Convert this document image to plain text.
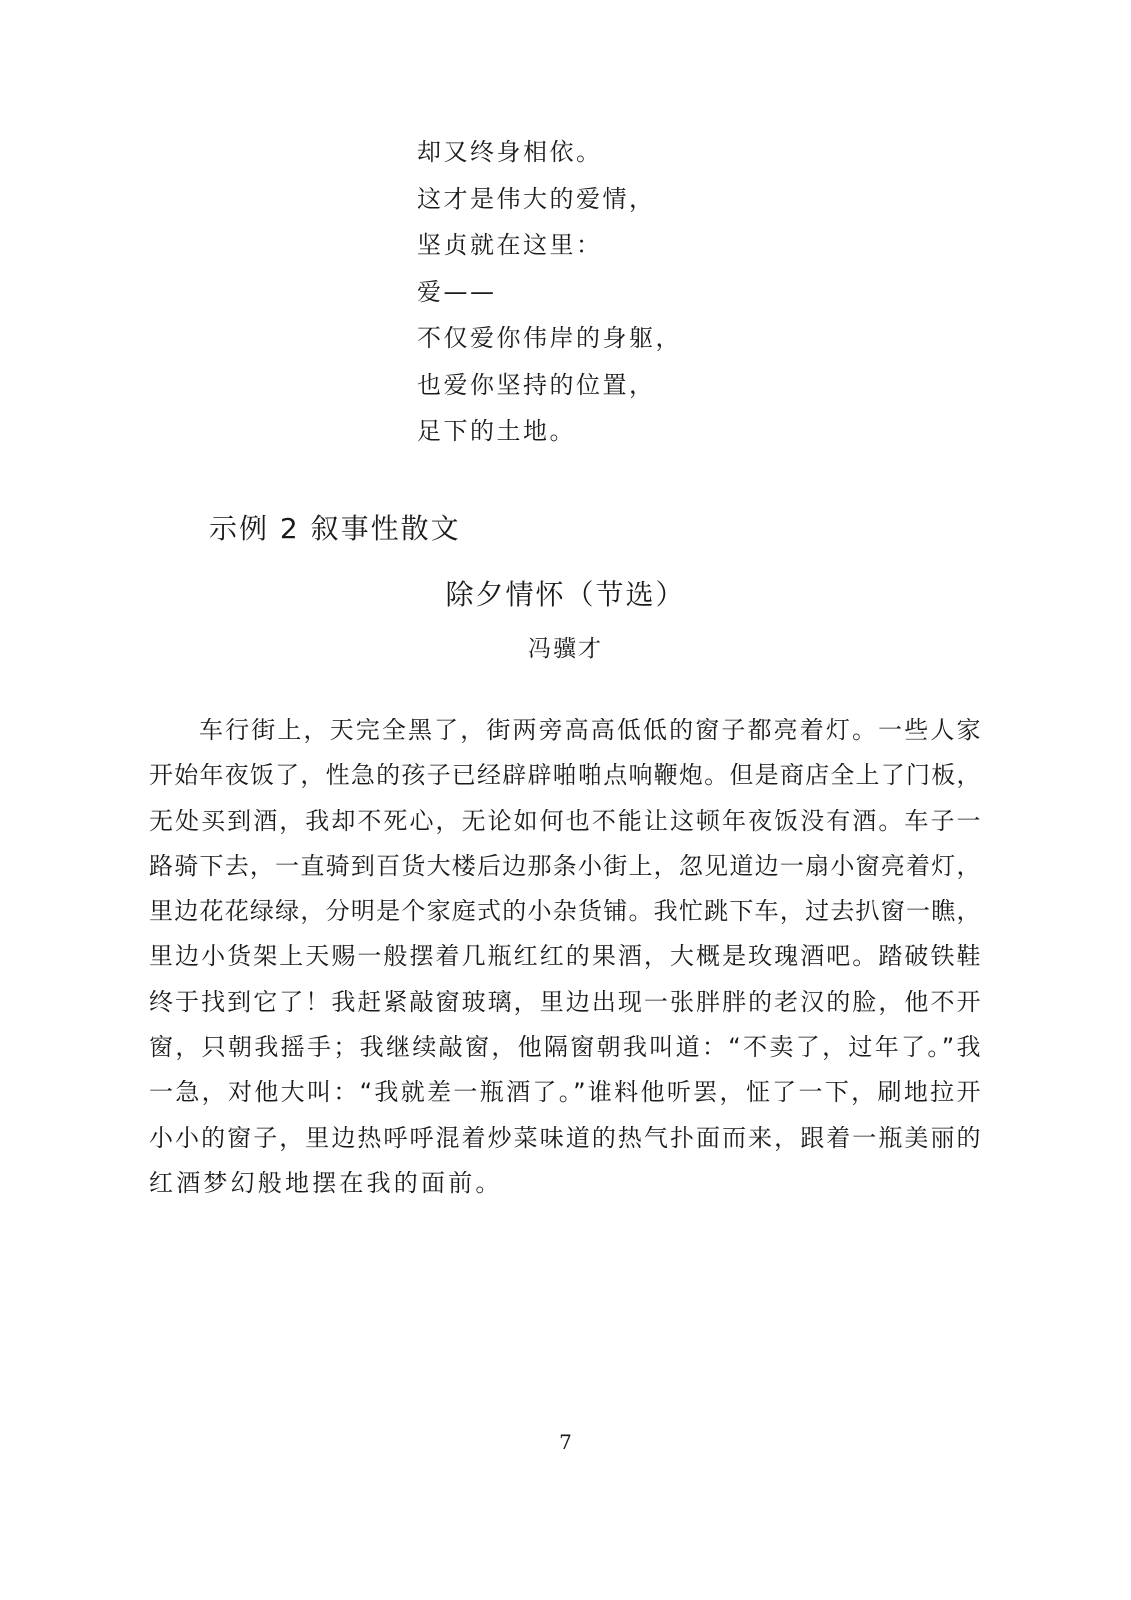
却又终身相依。
这才是伟大的爱情，
坚贞就在这里：
爱——
不仅爱你伟岸的身躯，
也爱你坚持的位置，
足下的土地。
示例 2 叙事性散文
除夕情怀（节选）

冯骥才

车行街上，天完全黑了，街两旁高高低低的窗子都亮着灯。一些人家
开始年夜饭了，性急的孩子已经辟辟啪啪点响鞭炮。但是商店全上了门板，
无处买到酒，我却不死心，无论如何也不能让这顿年夜饭没有酒。车子一
路骑下去，一直骑到百货大楼后边那条小街上，忽见道边一扇小窗亮着灯，
里边花花绿绿，分明是个家庭式的小杂货铺。我忙跳下车，过去扒窗一瞧，
里边小货架上天赐一般摆着几瓶红红的果酒，大概是玫瑰酒吧。踏破铁鞋
终于找到它了！我赶紧敲窗玻璃，里边出现一张胖胖的老汉的脸，他不开
窗，只朝我摇手；我继续敲窗，他隔窗朝我叫道：“不卖了，过年了。”我
一急，对他大叫：“我就差一瓶酒了。”谁料他听罢，怔了一下，刷地拉开
小小的窗子，里边热呼呼混着炒菜味道的热气扑面而来，跟着一瓶美丽的
红酒梦幻般地摆在我的面前。

7
